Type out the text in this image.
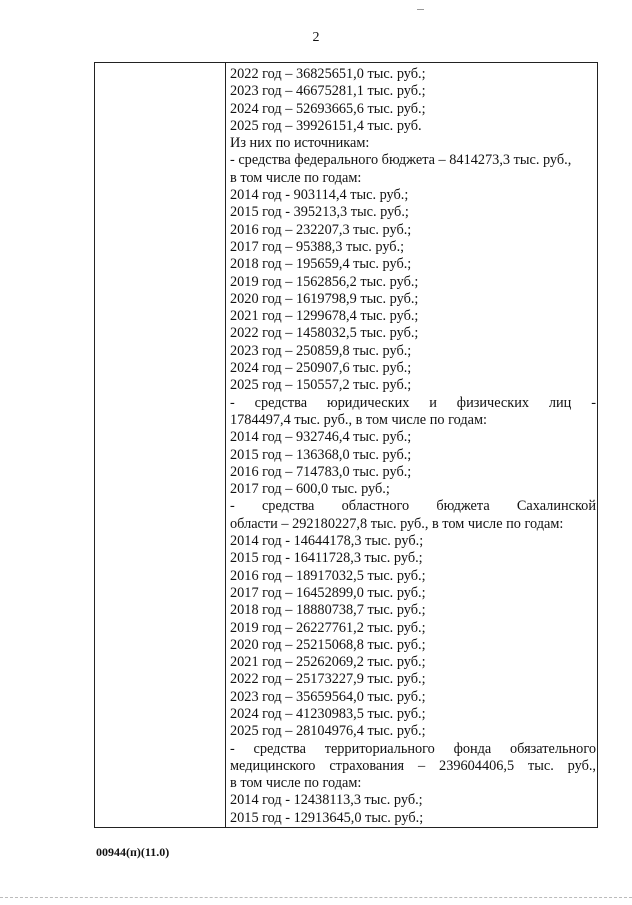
2
2022 год – 36825651,0 тыс. руб.;
2023 год – 46675281,1 тыс. руб.;
2024 год – 52693665,6 тыс. руб.;
2025 год – 39926151,4 тыс. руб.
Из них по источникам:
- средства федерального бюджета – 8414273,3 тыс. руб.,
в том числе по годам:
2014 год - 903114,4 тыс. руб.;
2015 год - 395213,3 тыс. руб.;
2016 год – 232207,3 тыс. руб.;
2017 год – 95388,3 тыс. руб.;
2018 год – 195659,4 тыс. руб.;
2019 год – 1562856,2 тыс. руб.;
2020 год – 1619798,9 тыс. руб.;
2021 год – 1299678,4 тыс. руб.;
2022 год – 1458032,5 тыс. руб.;
2023 год – 250859,8 тыс. руб.;
2024 год – 250907,6 тыс. руб.;
2025 год – 150557,2 тыс. руб.;
- средства юридических и физических лиц -
1784497,4 тыс. руб., в том числе по годам:
2014 год – 932746,4 тыс. руб.;
2015 год – 136368,0 тыс. руб.;
2016 год – 714783,0 тыс. руб.;
2017 год – 600,0 тыс. руб.;
- средства областного бюджета Сахалинской
области – 292180227,8 тыс. руб., в том числе по годам:
2014 год - 14644178,3 тыс. руб.;
2015 год - 16411728,3 тыс. руб.;
2016 год – 18917032,5 тыс. руб.;
2017 год – 16452899,0 тыс. руб.;
2018 год – 18880738,7 тыс. руб.;
2019 год – 26227761,2 тыс. руб.;
2020 год – 25215068,8 тыс. руб.;
2021 год – 25262069,2 тыс. руб.;
2022 год – 25173227,9 тыс. руб.;
2023 год – 35659564,0 тыс. руб.;
2024 год – 41230983,5 тыс. руб.;
2025 год – 28104976,4 тыс. руб.;
- средства территориального фонда обязательного
медицинского страхования – 239604406,5 тыс. руб.,
в том числе по годам:
2014 год - 12438113,3 тыс. руб.;
2015 год - 12913645,0 тыс. руб.;
00944(п)(11.0)
